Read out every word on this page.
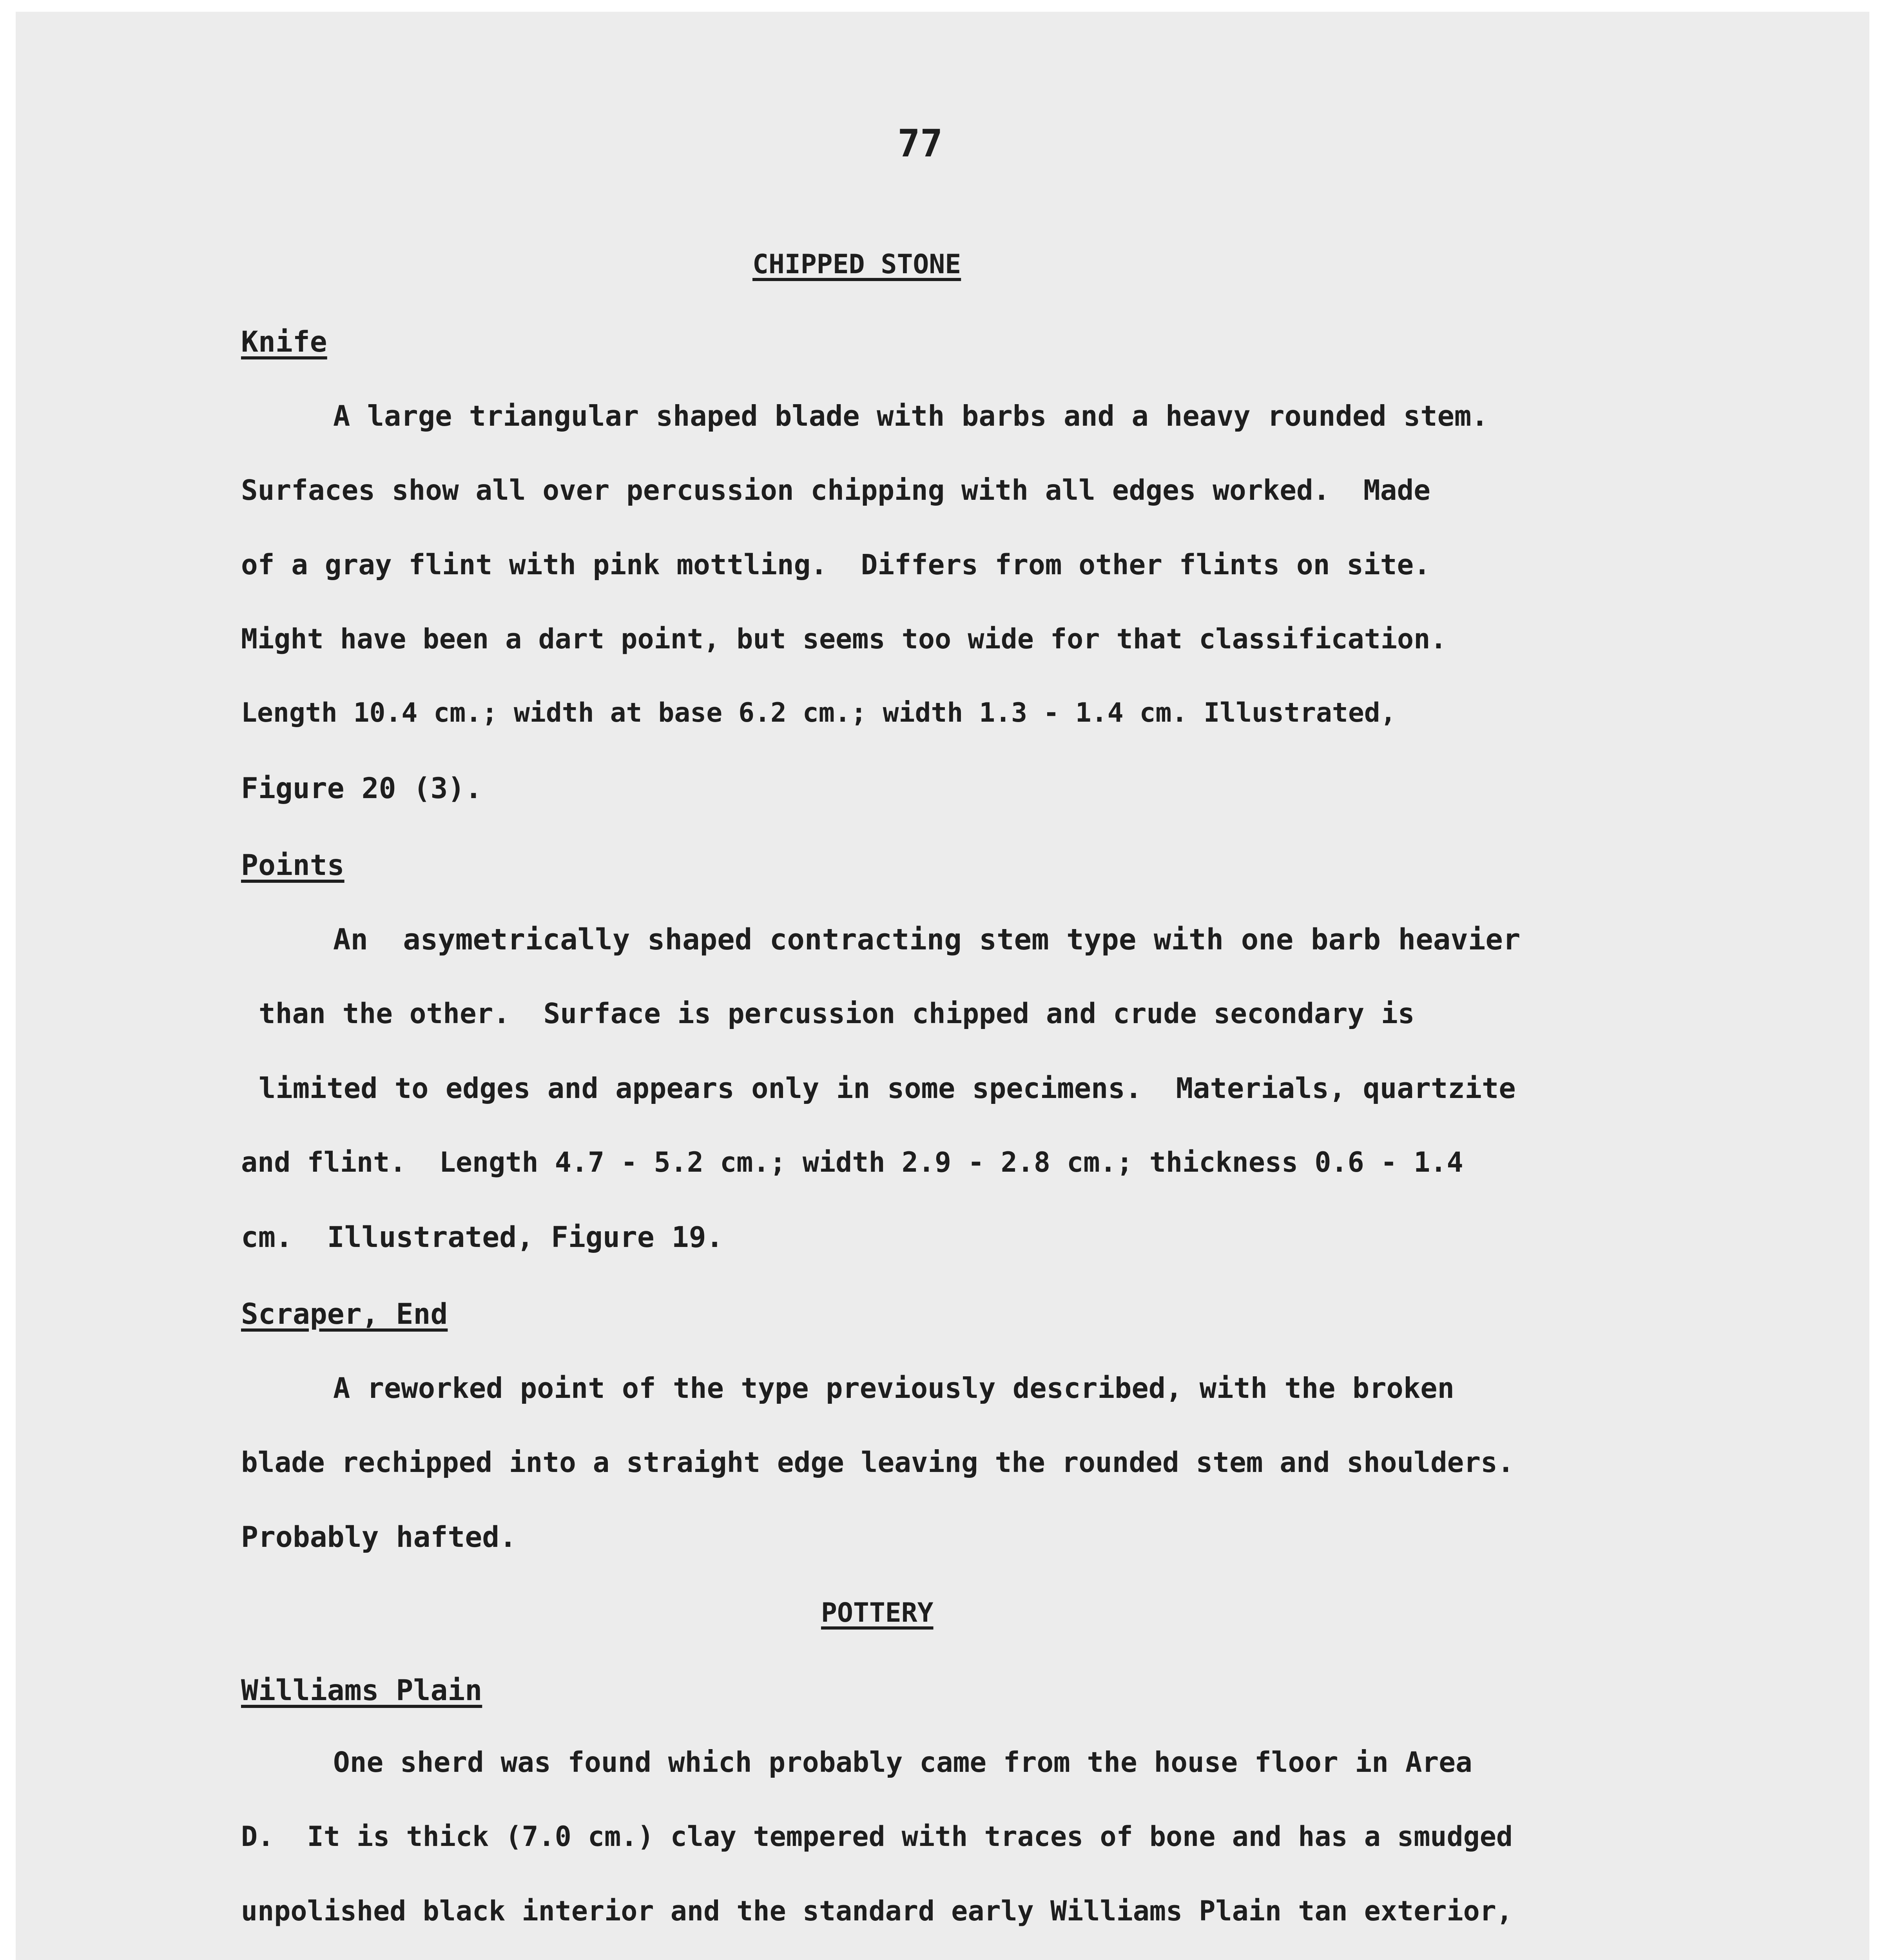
77
CHIPPED STONE
Knife
A large triangular shaped blade with barbs and a heavy rounded stem.
Surfaces show all over percussion chipping with all edges worked.  Made
of a gray flint with pink mottling.  Differs from other flints on site.
Might have been a dart point, but seems too wide for that classification.
Length 10.4 cm.; width at base 6.2 cm.; width 1.3 - 1.4 cm. Illustrated,
Figure 20 (3).
Points
An  asymetrically shaped contracting stem type with one barb heavier
than the other.  Surface is percussion chipped and crude secondary is
limited to edges and appears only in some specimens.  Materials, quartzite
and flint.  Length 4.7 - 5.2 cm.; width 2.9 - 2.8 cm.; thickness 0.6 - 1.4
cm.  Illustrated, Figure 19.
Scraper, End
A reworked point of the type previously described, with the broken
blade rechipped into a straight edge leaving the rounded stem and shoulders.
Probably hafted.
POTTERY
Williams Plain
One sherd was found which probably came from the house floor in Area
D.  It is thick (7.0 cm.) clay tempered with traces of bone and has a smudged
unpolished black interior and the standard early Williams Plain tan exterior,
